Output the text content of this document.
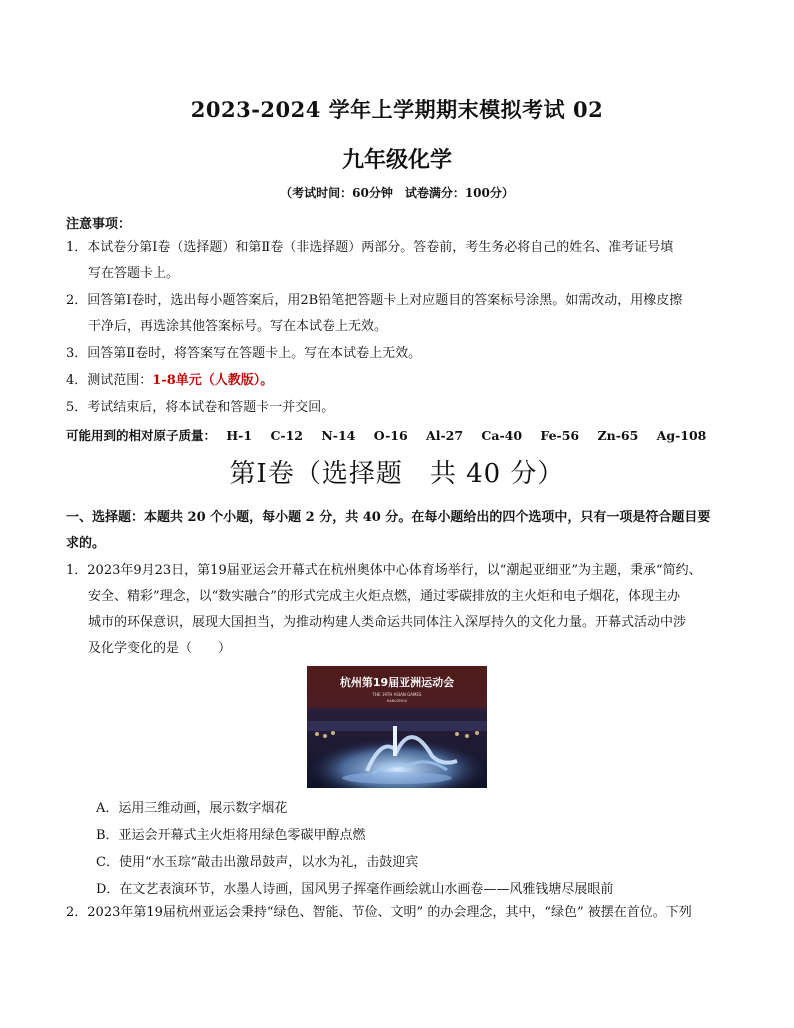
2023-2024 学年上学期期末模拟考试 02
九年级化学
（考试时间：60分钟　试卷满分：100分）
注意事项：
1．本试卷分第Ⅰ卷（选择题）和第Ⅱ卷（非选择题）两部分。答卷前，考生务必将自己的姓名、准考证号填
写在答题卡上。
2．回答第Ⅰ卷时，选出每小题答案后，用2B铅笔把答题卡上对应题目的答案标号涂黑。如需改动，用橡皮擦
干净后，再选涂其他答案标号。写在本试卷上无效。
3．回答第Ⅱ卷时，将答案写在答题卡上。写在本试卷上无效。
4．测试范围：1-8单元（人教版）。
5．考试结束后，将本试卷和答题卡一并交回。
可能用到的相对原子质量： H-1 C-12 N-14 O-16 Al-27 Ca-40 Fe-56 Zn-65 Ag-108
第Ⅰ卷（选择题　共 40 分）
一、选择题：本题共 20 个小题，每小题 2 分，共 40 分。在每小题给出的四个选项中，只有一项是符合题目要
求的。
1．2023年9月23日，第19届亚运会开幕式在杭州奥体中心体育场举行，以“潮起亚细亚”为主题，秉承“简约、
安全、精彩”理念，以“数实融合”的形式完成主火炬点燃，通过零碳排放的主火炬和电子烟花，体现主办
城市的环保意识，展现大国担当，为推动构建人类命运共同体注入深厚持久的文化力量。开幕式活动中涉
及化学变化的是（　　）
杭州第19届亚洲运动会
THE 19TH ASIAN GAMES
HANGZHOU
A．运用三维动画，展示数字烟花
B．亚运会开幕式主火炬将用绿色零碳甲醇点燃
C．使用“水玉琮”敲击出激昂鼓声，以水为礼，击鼓迎宾
D．在文艺表演环节，水墨人诗画，国风男子挥毫作画绘就山水画卷——风雅钱塘尽展眼前
2．2023年第19届杭州亚运会秉持“绿色、智能、节俭、文明” 的办会理念，其中，“绿色” 被摆在首位。下列
